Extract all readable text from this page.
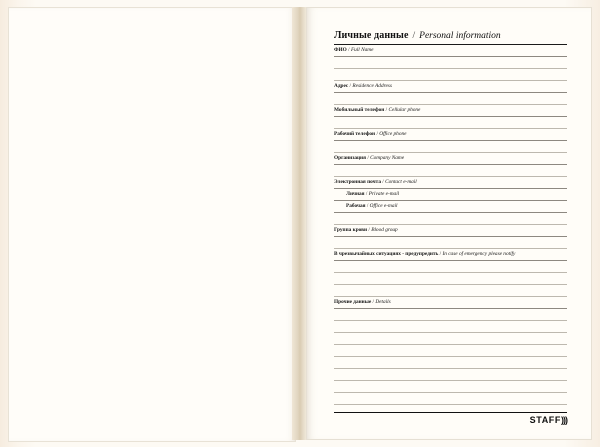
Личные данные / Personal information
ФИО / Full Name
Адрес / Residence Address
Мобильный телефон / Cellular phone
Рабочий телефон / Office phone
Организация / Company Name
Электронная почта / Contact e-mail
Личная / Private e-mail
Рабочая / Office e-mail
Группа крови / Blood group
В чрезвычайных ситуациях - предупредить / In case of emergency please notify
Прочие данные / Details
STAFF)))
